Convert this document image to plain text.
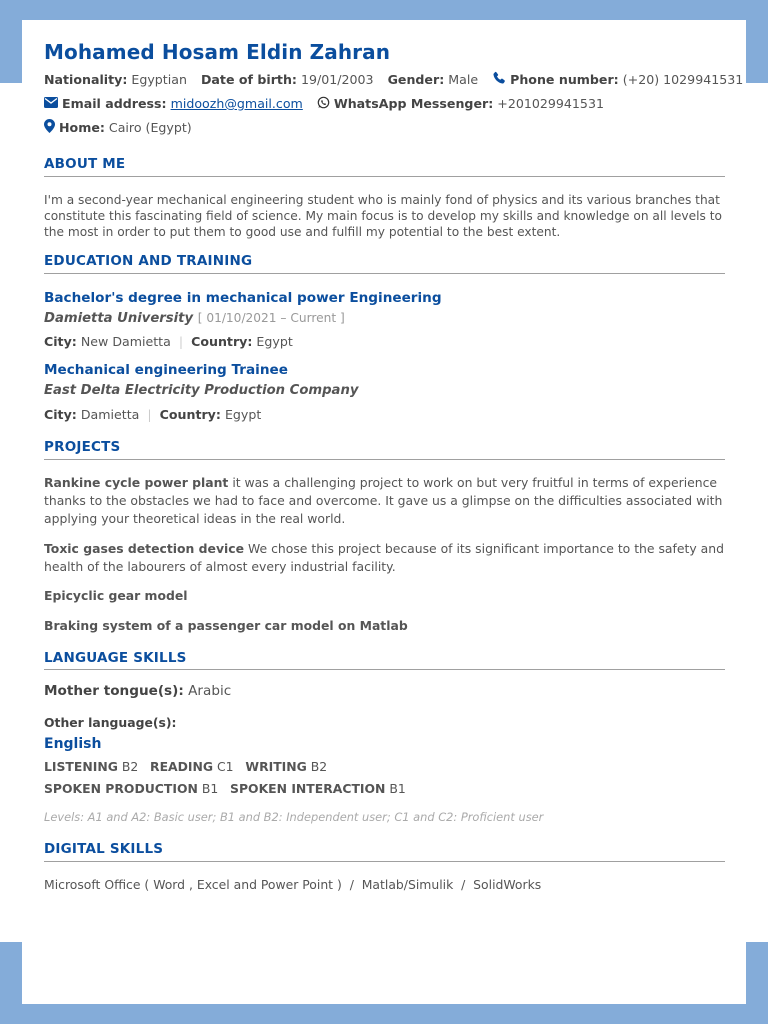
Mohamed Hosam Eldin Zahran
Nationality: Egyptian Date of birth: 19/01/2003 Gender: Male	Phone number: (+20) 1029941531
Email address: midoozh@gmail.com WhatsApp Messenger: +201029941531
Home: Cairo (Egypt)
ABOUT ME
I'm a second-year mechanical engineering student who is mainly fond of physics and its various branches that constitute this fascinating field of science. My main focus is to develop my skills and knowledge on all levels to the most in order to put them to good use and fulfill my potential to the best extent.
EDUCATION AND TRAINING
Bachelor's degree in mechanical power Engineering
Damietta University [ 01/10/2021 – Current ]
City: New Damietta | Country: Egypt
Mechanical engineering Trainee
East Delta Electricity Production Company
City: Damietta | Country: Egypt
PROJECTS
Rankine cycle power plant it was a challenging project to work on but very fruitful in terms of experience thanks to the obstacles we had to face and overcome. It gave us a glimpse on the difficulties associated with applying your theoretical ideas in the real world.
Toxic gases detection device We chose this project because of its significant importance to the safety and health of the labourers of almost every industrial facility.
Epicyclic gear model
Braking system of a passenger car model on Matlab
LANGUAGE SKILLS
Mother tongue(s): Arabic
Other language(s):
English
LISTENING B2 READING C1 WRITING B2
SPOKEN PRODUCTION B1 SPOKEN INTERACTION B1
Levels: A1 and A2: Basic user; B1 and B2: Independent user; C1 and C2: Proficient user
DIGITAL SKILLS
Microsoft Office ( Word , Excel and Power Point )  /  Matlab/Simulik  /  SolidWorks
